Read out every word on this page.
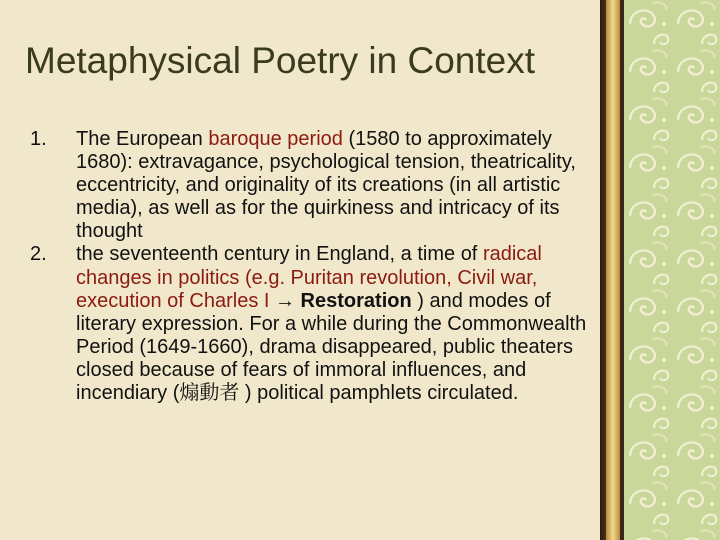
Metaphysical Poetry in Context
1. The European baroque period (1580 to approximately 1680): extravagance, psychological tension, theatricality, eccentricity, and originality of its creations (in all artistic media), as well as for the quirkiness and intricacy of its thought
2. the seventeenth century in England, a time of radical changes in politics (e.g. Puritan revolution, Civil war, execution of Charles I → Restoration ) and modes of literary expression. For a while during the Commonwealth Period (1649-1660), drama disappeared, public theaters closed because of fears of immoral influences, and incendiary (煽動者 ) political pamphlets circulated.
